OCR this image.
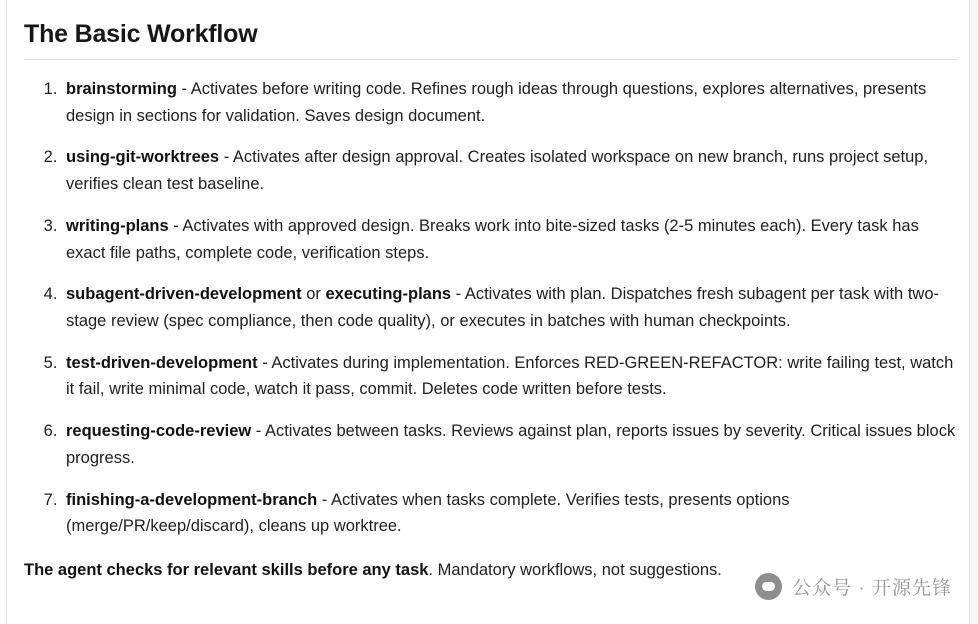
The Basic Workflow
1. brainstorming - Activates before writing code. Refines rough ideas through questions, explores alternatives, presents design in sections for validation. Saves design document.
2. using-git-worktrees - Activates after design approval. Creates isolated workspace on new branch, runs project setup, verifies clean test baseline.
3. writing-plans - Activates with approved design. Breaks work into bite-sized tasks (2-5 minutes each). Every task has exact file paths, complete code, verification steps.
4. subagent-driven-development or executing-plans - Activates with plan. Dispatches fresh subagent per task with two-stage review (spec compliance, then code quality), or executes in batches with human checkpoints.
5. test-driven-development - Activates during implementation. Enforces RED-GREEN-REFACTOR: write failing test, watch it fail, write minimal code, watch it pass, commit. Deletes code written before tests.
6. requesting-code-review - Activates between tasks. Reviews against plan, reports issues by severity. Critical issues block progress.
7. finishing-a-development-branch - Activates when tasks complete. Verifies tests, presents options (merge/PR/keep/discard), cleans up worktree.

The agent checks for relevant skills before any task. Mandatory workflows, not suggestions.

公众号 · 开源先锋
